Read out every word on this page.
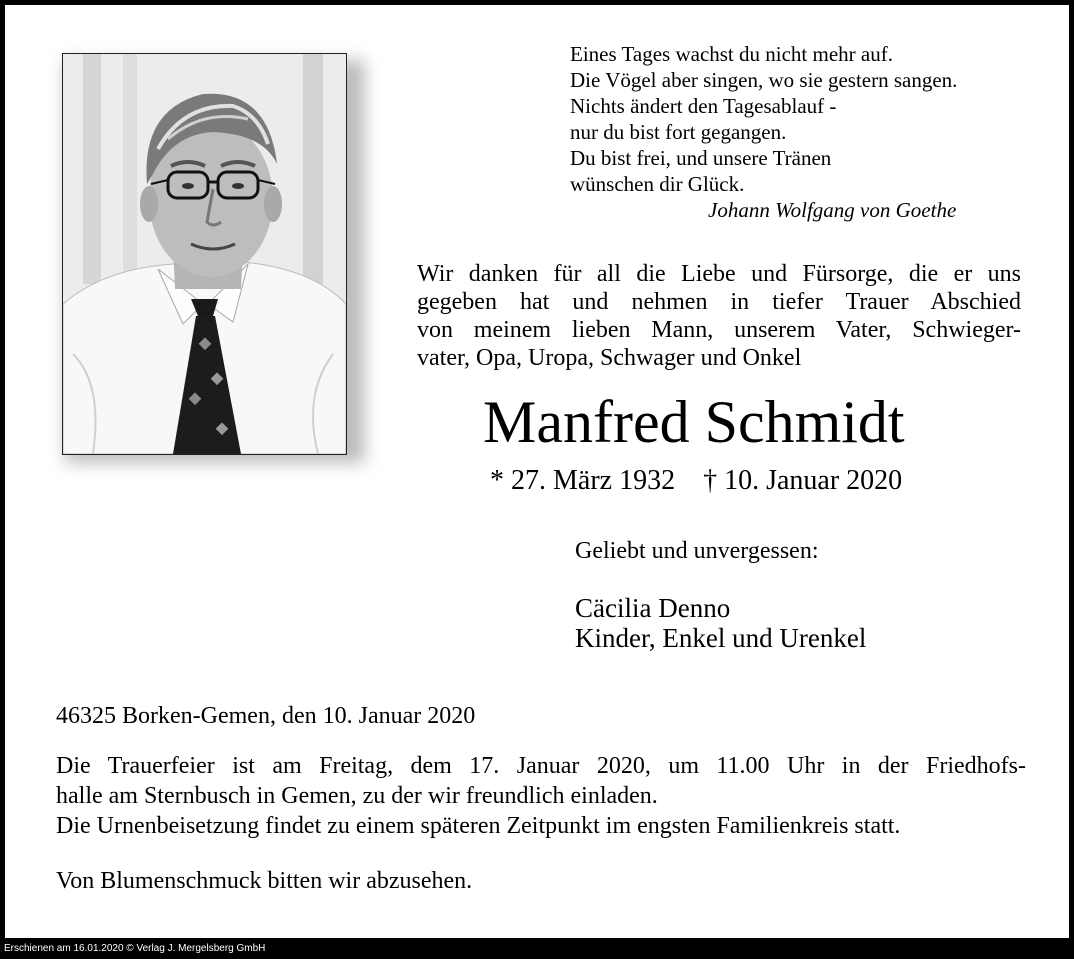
Eines Tages wachst du nicht mehr auf.
Die Vögel aber singen, wo sie gestern sangen.
Nichts ändert den Tagesablauf -
nur du bist fort gegangen.
Du bist frei, und unsere Tränen
wünschen dir Glück.
Johann Wolfgang von Goethe
Wir danken für all die Liebe und Fürsorge, die er uns
gegeben hat und nehmen in tiefer Trauer Abschied
von meinem lieben Mann, unserem Vater, Schwieger-
vater, Opa, Uropa, Schwager und Onkel
Manfred Schmidt
* 27. März 1932 † 10. Januar 2020
Geliebt und unvergessen:
Cäcilia Denno
Kinder, Enkel und Urenkel
46325 Borken-Gemen, den 10. Januar 2020
Die Trauerfeier ist am Freitag, dem 17. Januar 2020, um 11.00 Uhr in der Friedhofs-
halle am Sternbusch in Gemen, zu der wir freundlich einladen.
Die Urnenbeisetzung findet zu einem späteren Zeitpunkt im engsten Familienkreis statt.
Von Blumenschmuck bitten wir abzusehen.
Erschienen am 16.01.2020 © Verlag J. Mergelsberg GmbH
